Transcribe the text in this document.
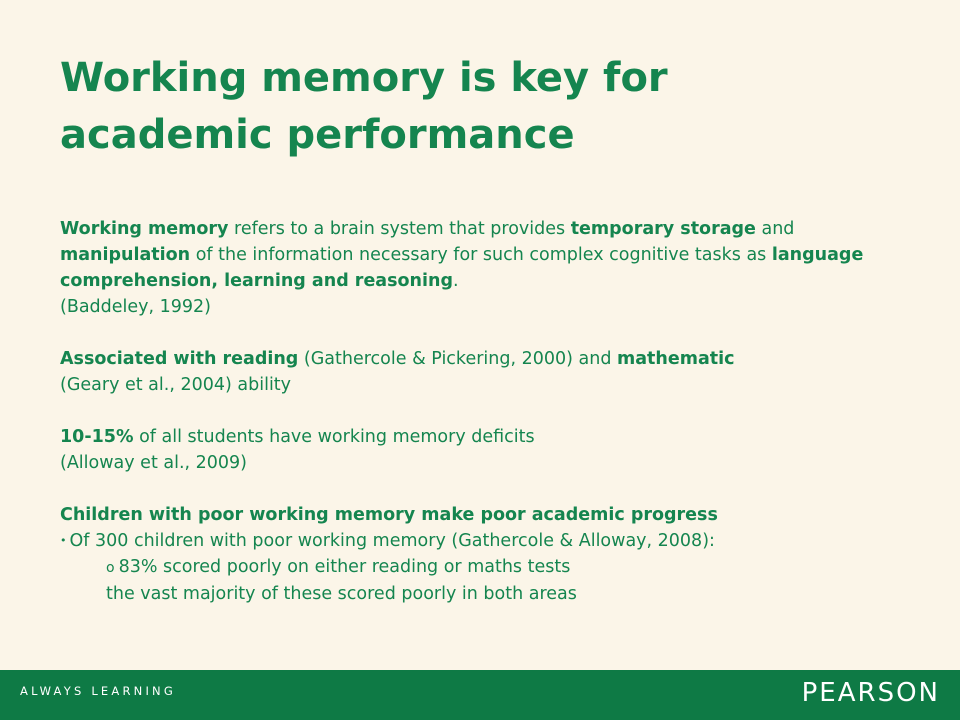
Working memory is key for
academic performance

Working memory refers to a brain system that provides temporary storage and manipulation of the information necessary for such complex cognitive tasks as language comprehension, learning and reasoning.

(Baddeley, 1992)

Associated with reading (Gathercole & Pickering, 2000) and mathematic

(Geary et al., 2004) ability

10-15% of all students have working memory deficits

(Alloway et al., 2009)

Children with poor working memory make poor academic progress

• Of 300 children with poor working memory (Gathercole & Alloway, 2008):

o 83% scored poorly on either reading or maths tests

the vast majority of these scored poorly in both areas

ALWAYS LEARNING	PEARSON
